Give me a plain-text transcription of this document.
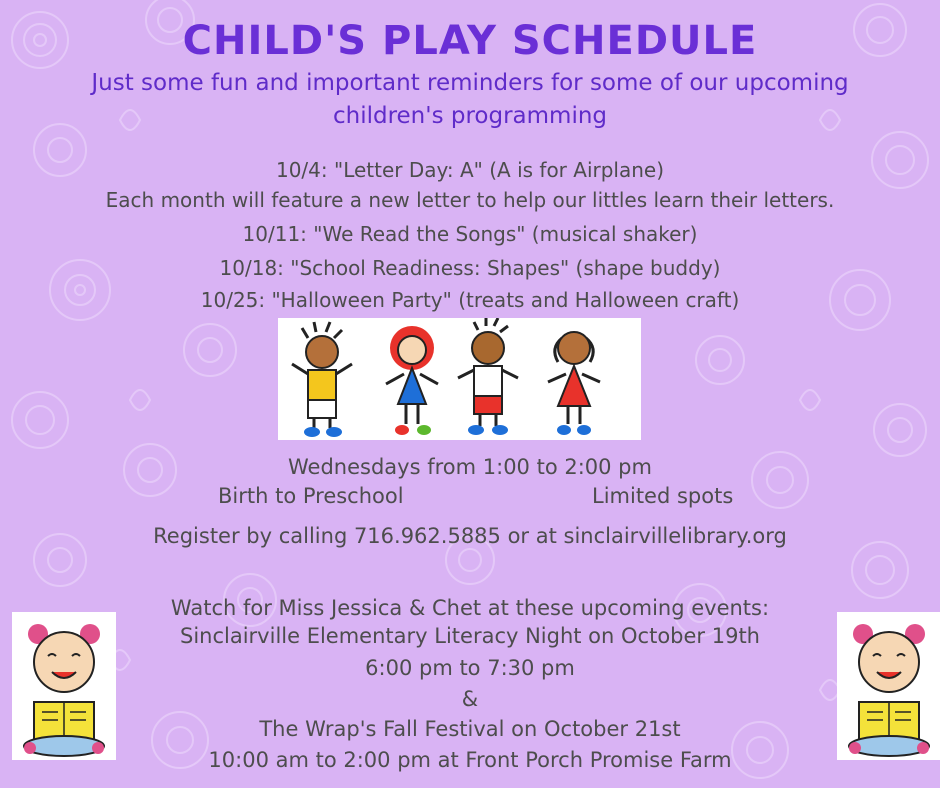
CHILD'S PLAY SCHEDULE
Just some fun and important reminders for some of our upcoming
children's programming
10/4: "Letter Day: A" (A is for Airplane)
Each month will feature a new letter to help our littles learn their letters.
10/11: "We Read the Songs" (musical shaker)
10/18: "School Readiness: Shapes" (shape buddy)
10/25: "Halloween Party" (treats and Halloween craft)
Wednesdays from 1:00 to 2:00 pm
Birth to Preschool	Limited spots
Register by calling 716.962.5885 or at sinclairvillelibrary.org
Watch for Miss Jessica & Chet at these upcoming events:
Sinclairville Elementary Literacy Night on October 19th
6:00 pm to 7:30 pm
&
The Wrap's Fall Festival on October 21st
10:00 am to 2:00 pm at Front Porch Promise Farm
